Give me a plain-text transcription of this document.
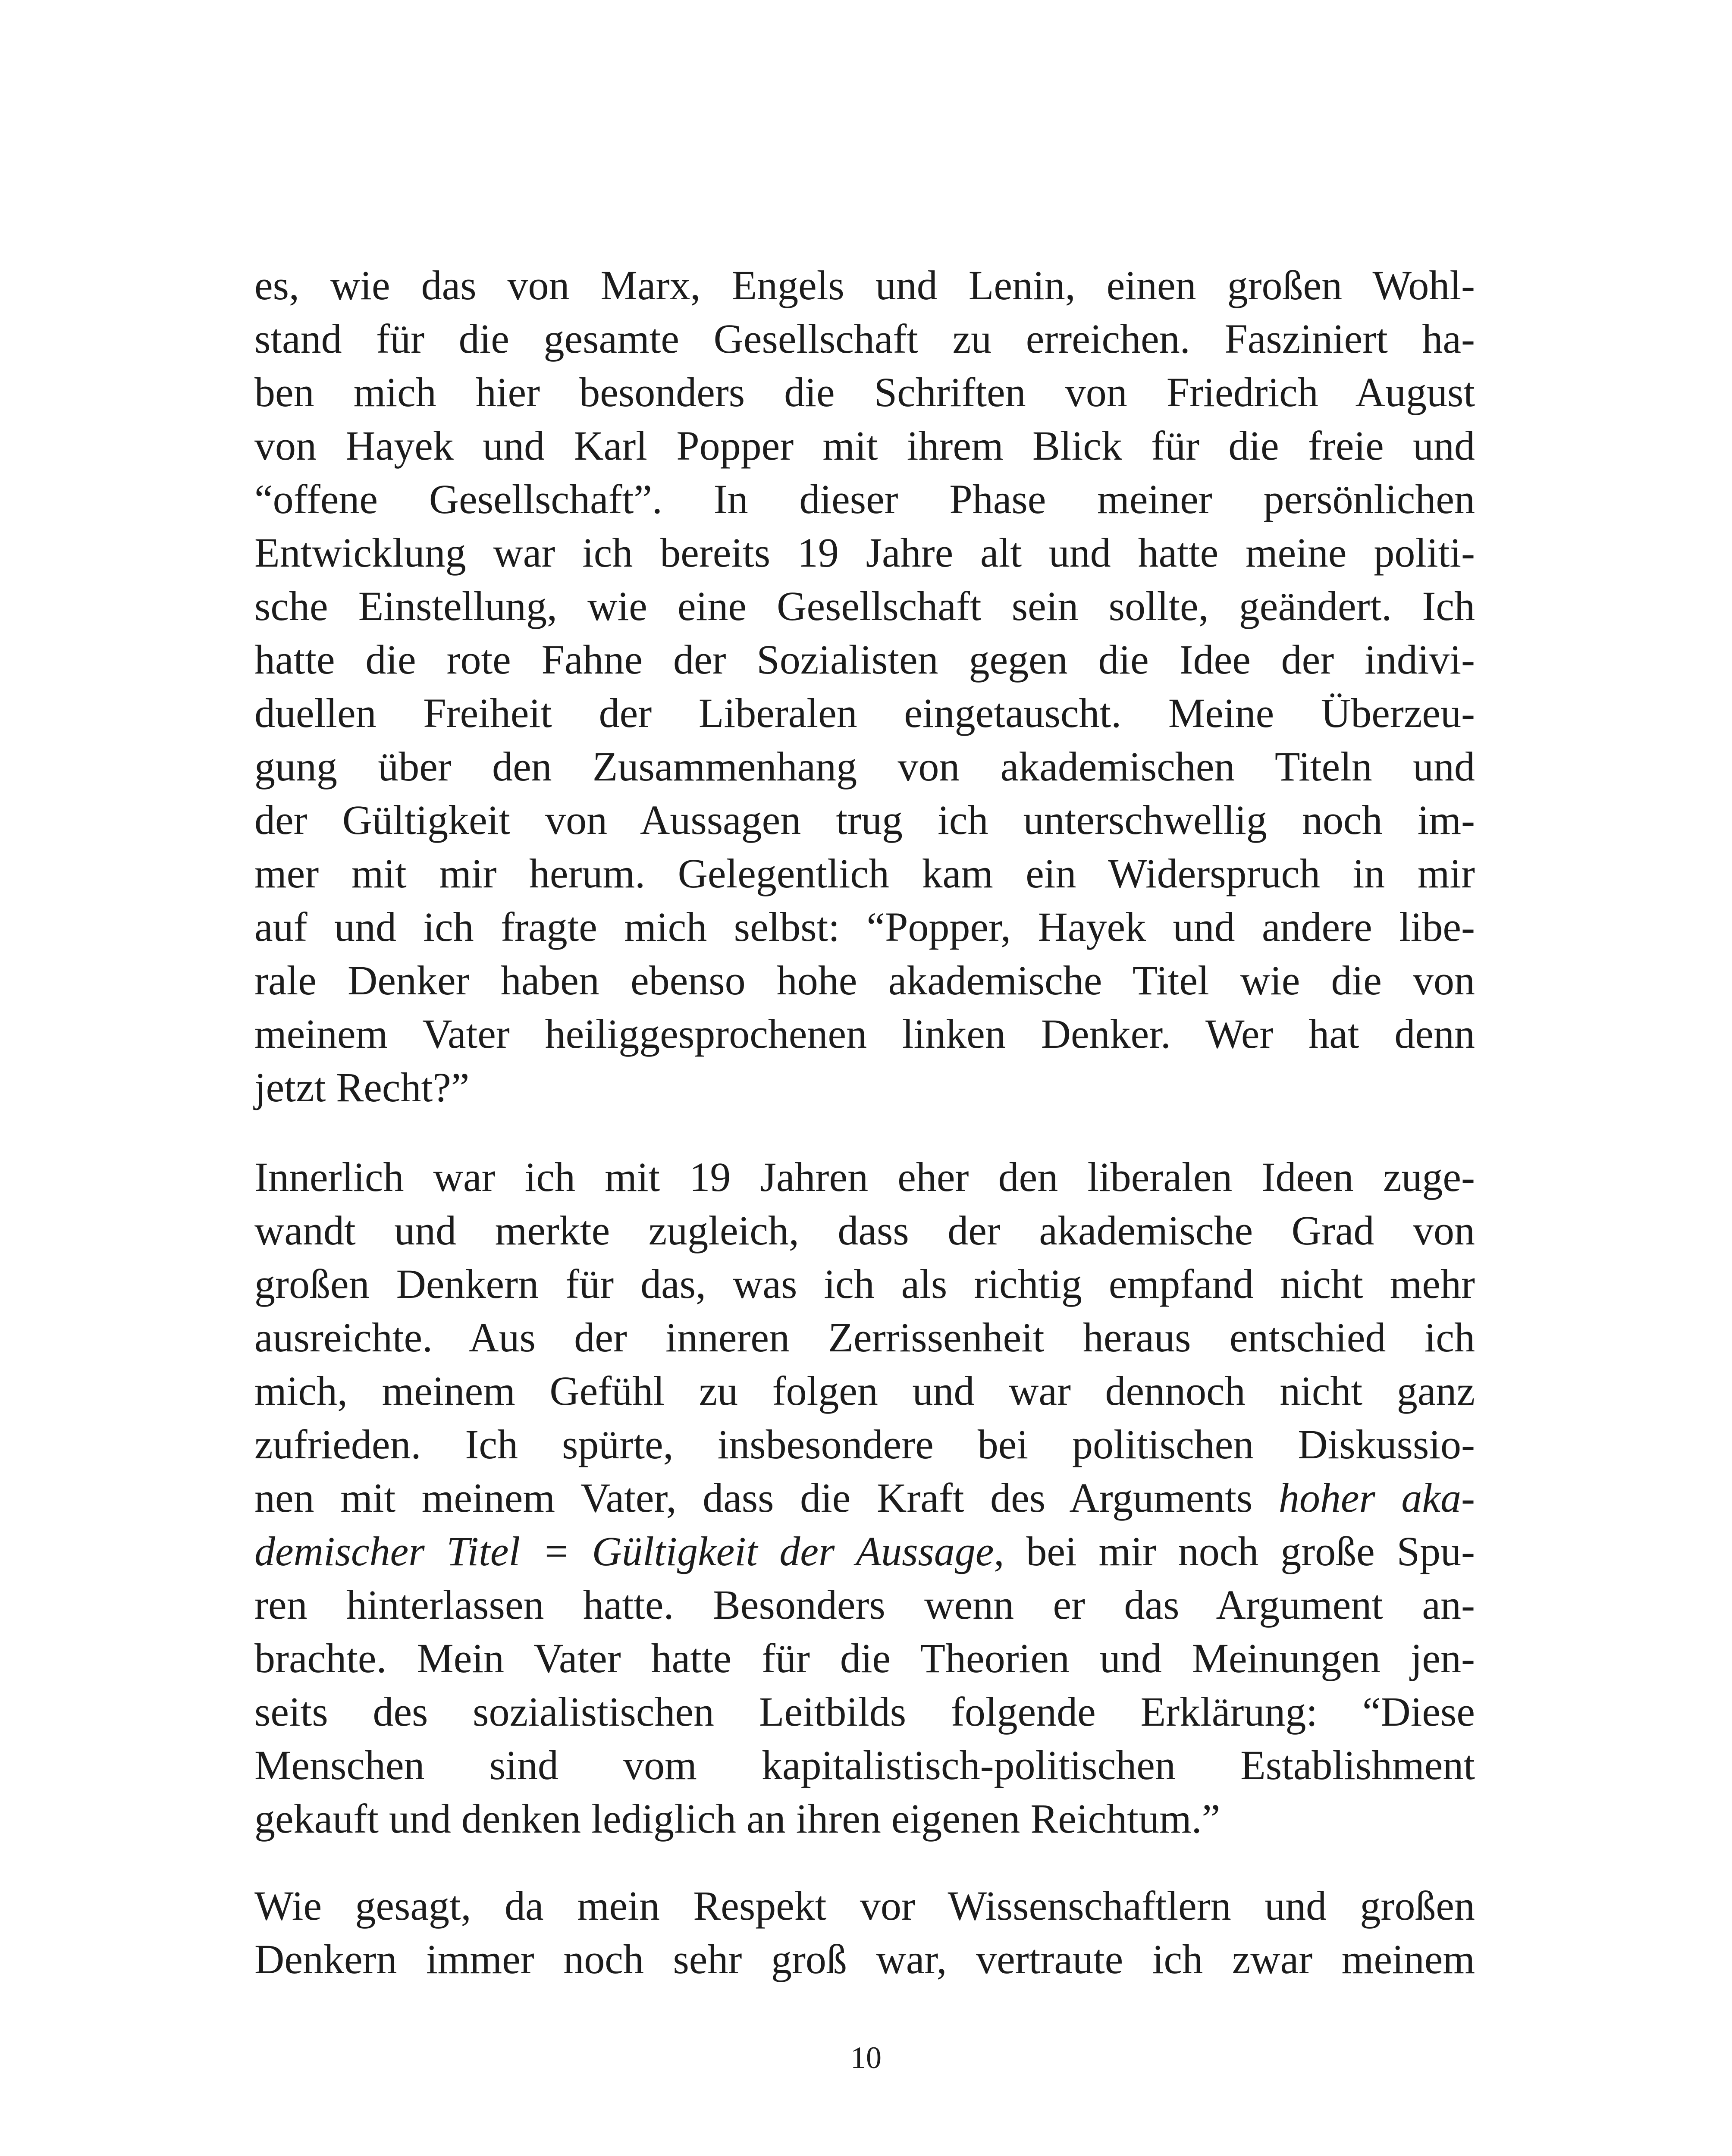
es, wie das von Marx, Engels und Lenin, einen großen Wohl-
stand für die gesamte Gesellschaft zu erreichen. Fasziniert ha-
ben mich hier besonders die Schriften von Friedrich August
von Hayek und Karl Popper mit ihrem Blick für die freie und
“offene Gesellschaft”. In dieser Phase meiner persönlichen
Entwicklung war ich bereits 19 Jahre alt und hatte meine politi-
sche Einstellung, wie eine Gesellschaft sein sollte, geändert. Ich
hatte die rote Fahne der Sozialisten gegen die Idee der indivi-
duellen Freiheit der Liberalen eingetauscht. Meine Überzeu-
gung über den Zusammenhang von akademischen Titeln und
der Gültigkeit von Aussagen trug ich unterschwellig noch im-
mer mit mir herum. Gelegentlich kam ein Widerspruch in mir
auf und ich fragte mich selbst: “Popper, Hayek und andere libe-
rale Denker haben ebenso hohe akademische Titel wie die von
meinem Vater heiliggesprochenen linken Denker. Wer hat denn
jetzt Recht?”
Innerlich war ich mit 19 Jahren eher den liberalen Ideen zuge-
wandt und merkte zugleich, dass der akademische Grad von
großen Denkern für das, was ich als richtig empfand nicht mehr
ausreichte. Aus der inneren Zerrissenheit heraus entschied ich
mich, meinem Gefühl zu folgen und war dennoch nicht ganz
zufrieden. Ich spürte, insbesondere bei politischen Diskussio-
nen mit meinem Vater, dass die Kraft des Arguments hoher aka-
demischer Titel = Gültigkeit der Aussage, bei mir noch große Spu-
ren hinterlassen hatte. Besonders wenn er das Argument an-
brachte. Mein Vater hatte für die Theorien und Meinungen jen-
seits des sozialistischen Leitbilds folgende Erklärung: “Diese
Menschen sind vom kapitalistisch-politischen Establishment
gekauft und denken lediglich an ihren eigenen Reichtum.”
Wie gesagt, da mein Respekt vor Wissenschaftlern und großen
Denkern immer noch sehr groß war, vertraute ich zwar meinem
10
